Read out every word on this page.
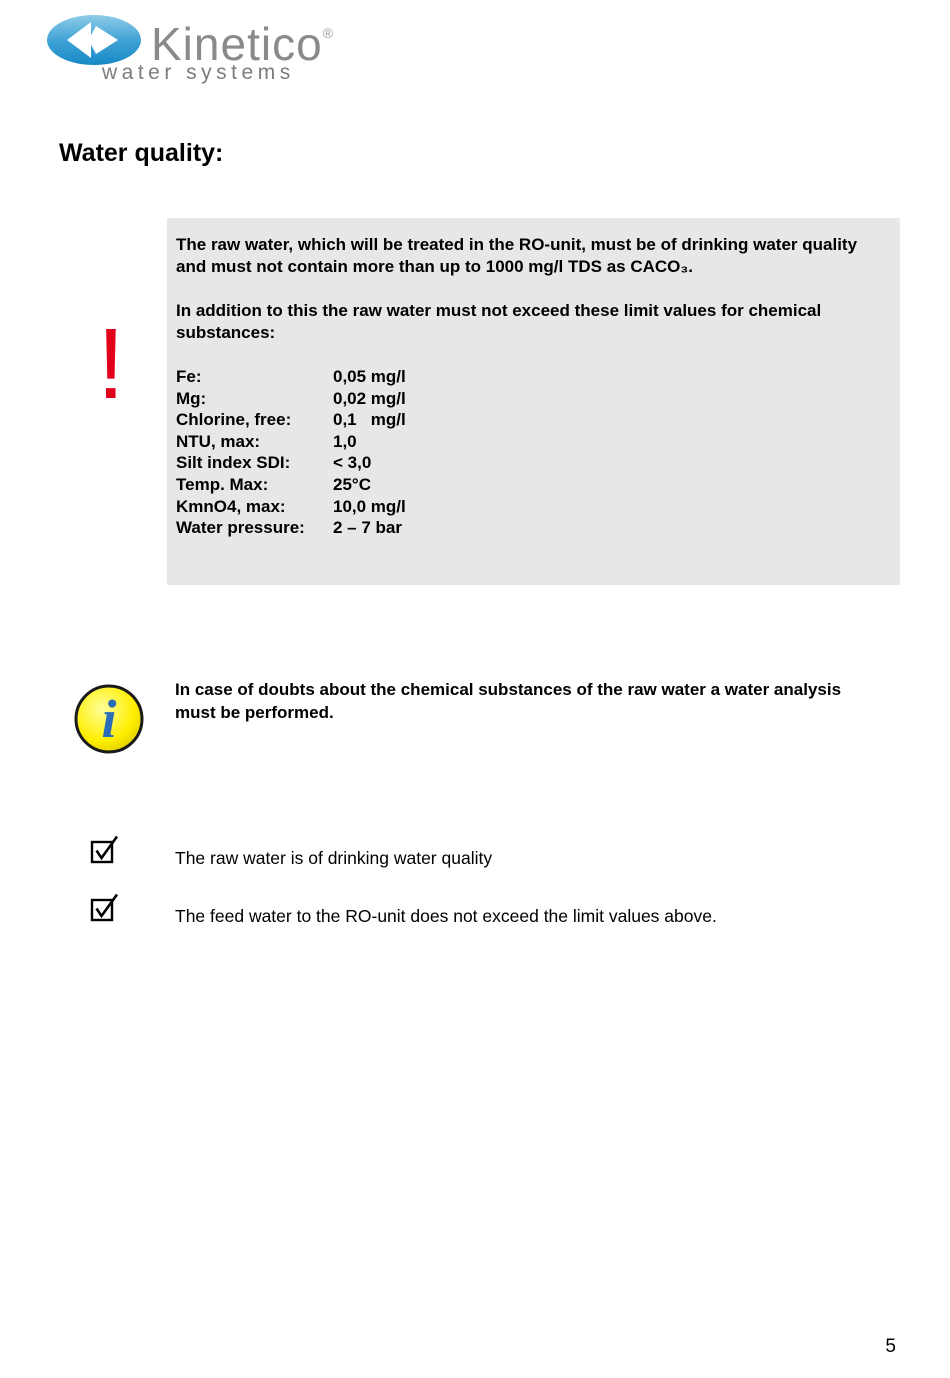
Kinetico®
water systems
Water quality:
!

The raw water, which will be treated in the RO-unit, must be of drinking water quality and must not contain more than up to 1000 mg/l TDS as CACO₃.

In addition to this the raw water must not exceed these limit values for chemical substances:

Fe:	0,05 mg/l
Mg:	0,02 mg/l
Chlorine, free:	0,1   mg/l
NTU, max:	1,0
Silt index SDI:	< 3,0
Temp. Max:	25°C
KmnO4, max:	10,0 mg/l
Water pressure:	2 – 7 bar
i	In case of doubts about the chemical substances of the raw water a water analysis must be performed.

The raw water is of drinking water quality
The feed water to the RO-unit does not exceed the limit values above.
5
